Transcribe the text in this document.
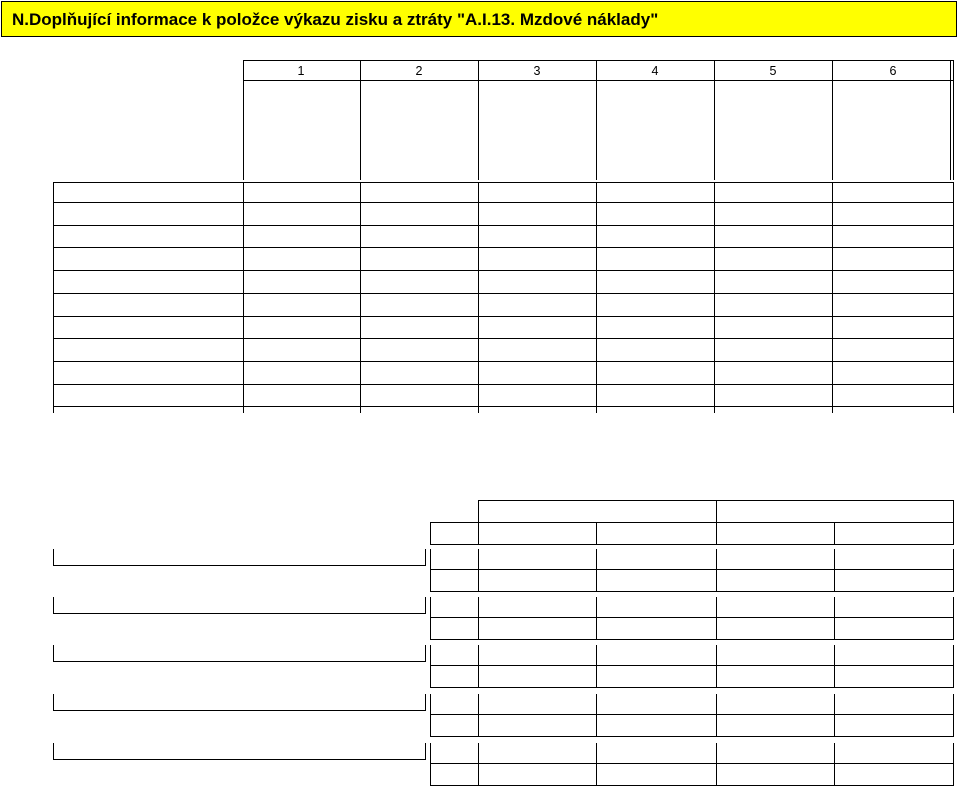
N.Doplňující informace k položce výkazu zisku a ztráty "A.I.13. Mzdové náklady"
1	2	3	4	5	6
